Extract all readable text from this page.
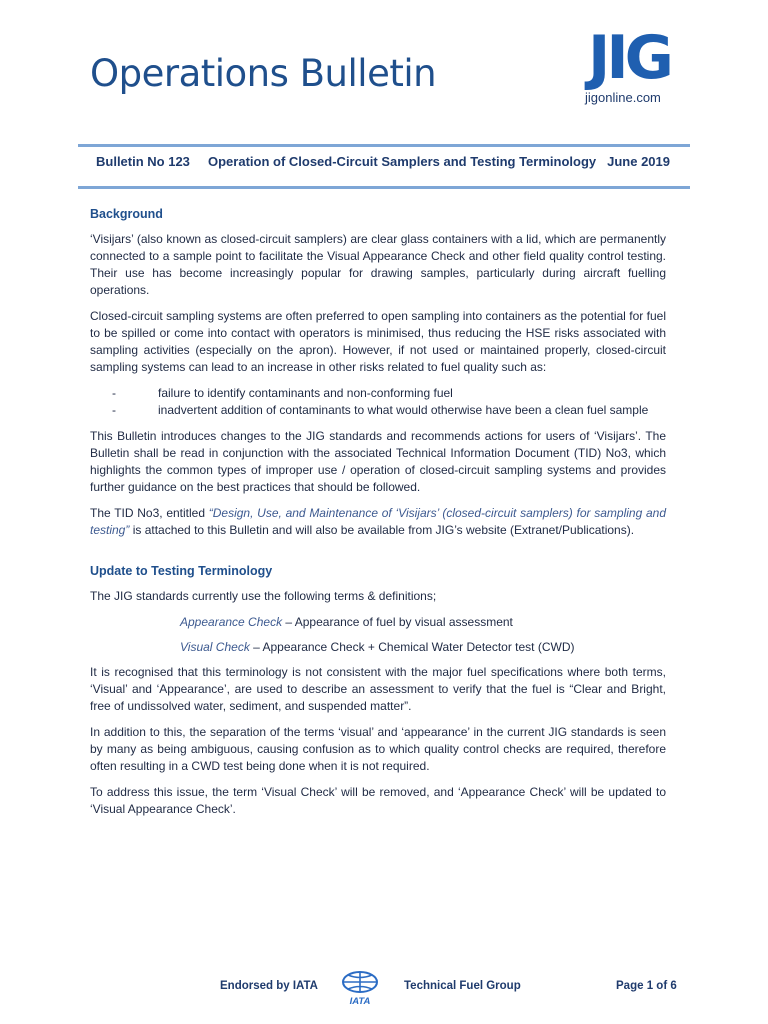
Operations Bulletin	JIG
jigonline.com
Bulletin No 123 Operation of Closed-Circuit Samplers and Testing Terminology June 2019
Background

‘Visijars’ (also known as closed-circuit samplers) are clear glass containers with a lid, which are permanently connected to a sample point to facilitate the Visual Appearance Check and other field quality control testing. Their use has become increasingly popular for drawing samples, particularly during aircraft fuelling operations.

Closed-circuit sampling systems are often preferred to open sampling into containers as the potential for fuel to be spilled or come into contact with operators is minimised, thus reducing the HSE risks associated with sampling activities (especially on the apron). However, if not used or maintained properly, closed-circuit sampling systems can lead to an increase in other risks related to fuel quality such as:

-	failure to identify contaminants and non-conforming fuel
-	inadvertent addition of contaminants to what would otherwise have been a clean fuel sample

This Bulletin introduces changes to the JIG standards and recommends actions for users of ‘Visijars’. The Bulletin shall be read in conjunction with the associated Technical Information Document (TID) No3, which highlights the common types of improper use / operation of closed-circuit sampling systems and provides further guidance on the best practices that should be followed.

The TID No3, entitled “Design, Use, and Maintenance of ‘Visijars’ (closed-circuit samplers) for sampling and testing” is attached to this Bulletin and will also be available from JIG’s website (Extranet/Publications).

Update to Testing Terminology

The JIG standards currently use the following terms & definitions;

Appearance Check – Appearance of fuel by visual assessment
Visual Check – Appearance Check + Chemical Water Detector test (CWD)

It is recognised that this terminology is not consistent with the major fuel specifications where both terms, ‘Visual’ and ‘Appearance’, are used to describe an assessment to verify that the fuel is “Clear and Bright, free of undissolved water, sediment, and suspended matter”.

In addition to this, the separation of the terms ‘visual’ and ‘appearance’ in the current JIG standards is seen by many as being ambiguous, causing confusion as to which quality control checks are required, therefore often resulting in a CWD test being done when it is not required.

To address this issue, the term ‘Visual Check’ will be removed, and ‘Appearance Check’ will be updated to ‘Visual Appearance Check’.

Endorsed by IATA
IATA
Technical Fuel Group	Page 1 of 6
